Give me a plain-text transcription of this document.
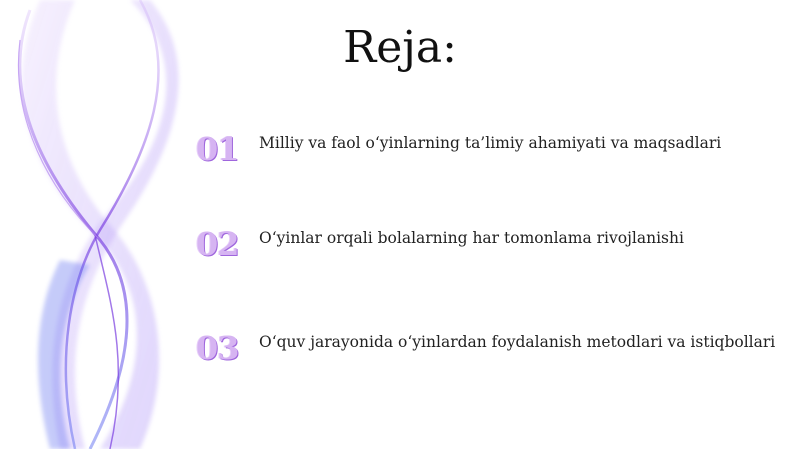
Reja:
01	Milliy va faol o‘yinlarning ta’limiy ahamiyati va maqsadlari
02	O‘yinlar orqali bolalarning har tomonlama rivojlanishi
03	O‘quv jarayonida o‘yinlardan foydalanish metodlari va istiqbollari
